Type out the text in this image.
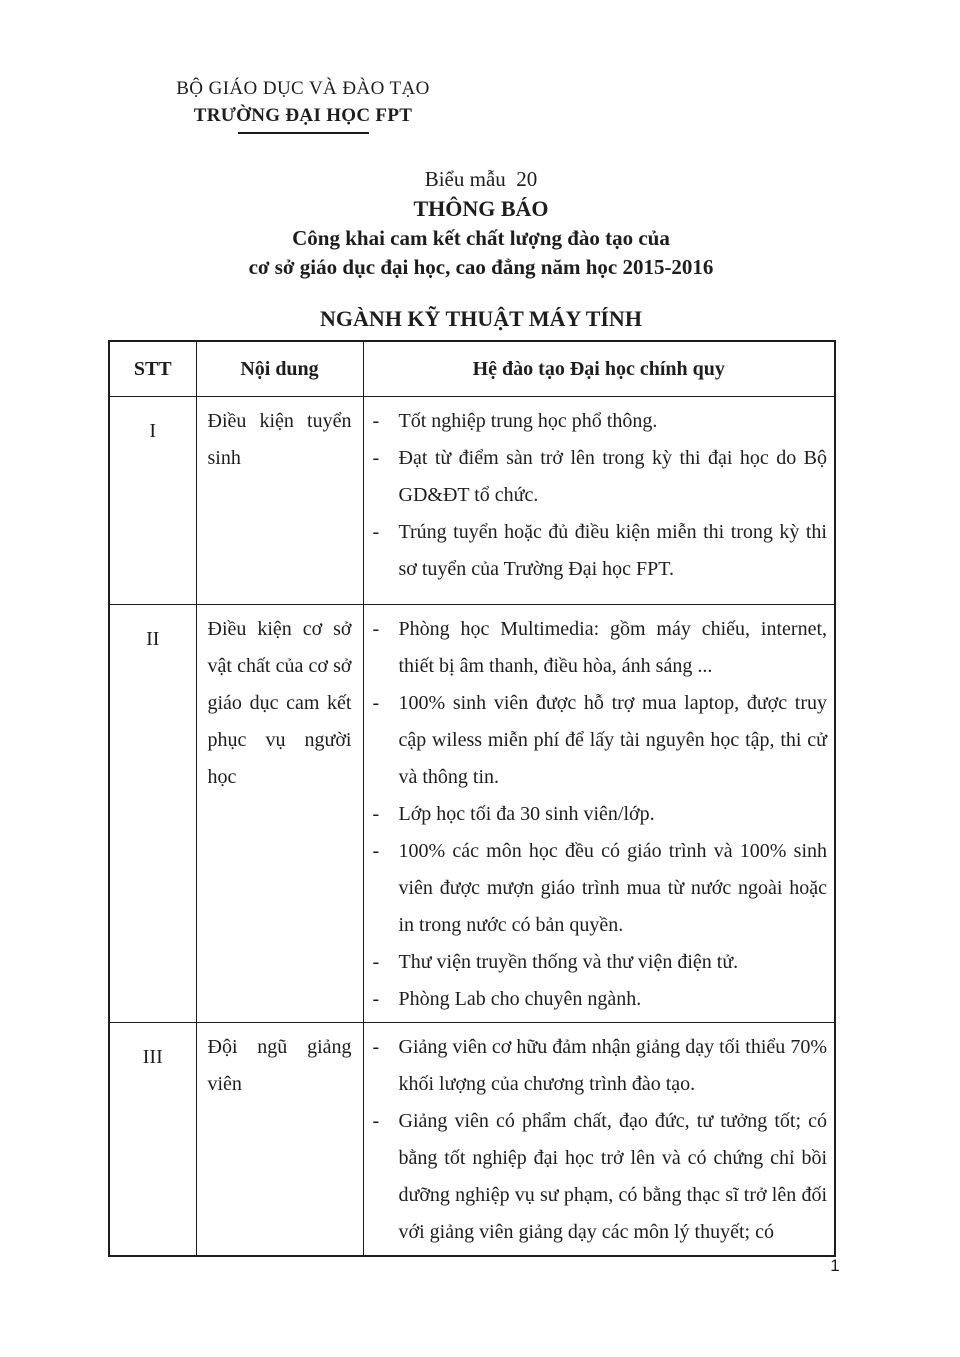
BỘ GIÁO DỤC VÀ ĐÀO TẠO
TRƯỜNG ĐẠI HỌC FPT
Biểu mẫu  20
THÔNG BÁO
Công khai cam kết chất lượng đào tạo của
cơ sở giáo dục đại học, cao đẳng năm học 2015-2016
NGÀNH KỸ THUẬT MÁY TÍNH
STT	Nội dung	Hệ đào tạo Đại học chính quy
I	Điều kiện tuyển sinh	
- Tốt nghiệp trung học phổ thông.
- Đạt từ điểm sàn trở lên trong kỳ thi đại học do Bộ GD&ĐT tổ chức.
- Trúng tuyển hoặc đủ điều kiện miễn thi trong kỳ thi sơ tuyển của Trường Đại học FPT.

II	Điều kiện cơ sở vật chất của cơ sở giáo dục cam kết phục vụ người học	
- Phòng học Multimedia: gồm máy chiếu, internet, thiết bị âm thanh, điều hòa, ánh sáng ...
- 100% sinh viên được hỗ trợ mua laptop, được truy cập wiless miễn phí để lấy tài nguyên học tập, thi cử và thông tin.
- Lớp học tối đa 30 sinh viên/lớp.
- 100% các môn học đều có giáo trình và 100% sinh viên được mượn giáo trình mua từ nước ngoài hoặc in trong nước có bản quyền.
- Thư viện truyền thống và thư viện điện tử.
- Phòng Lab cho chuyên ngành.

III	Đội ngũ giảng viên	- Giảng viên cơ hữu đảm nhận giảng dạy tối thiểu 70% khối lượng của chương trình đào tạo.
- Giảng viên có phẩm chất, đạo đức, tư tưởng tốt; có bằng tốt nghiệp đại học trở lên và có chứng chỉ bồi dưỡng nghiệp vụ sư phạm, có bằng thạc sĩ trở lên đối với giảng viên giảng dạy các môn lý thuyết; có
1
